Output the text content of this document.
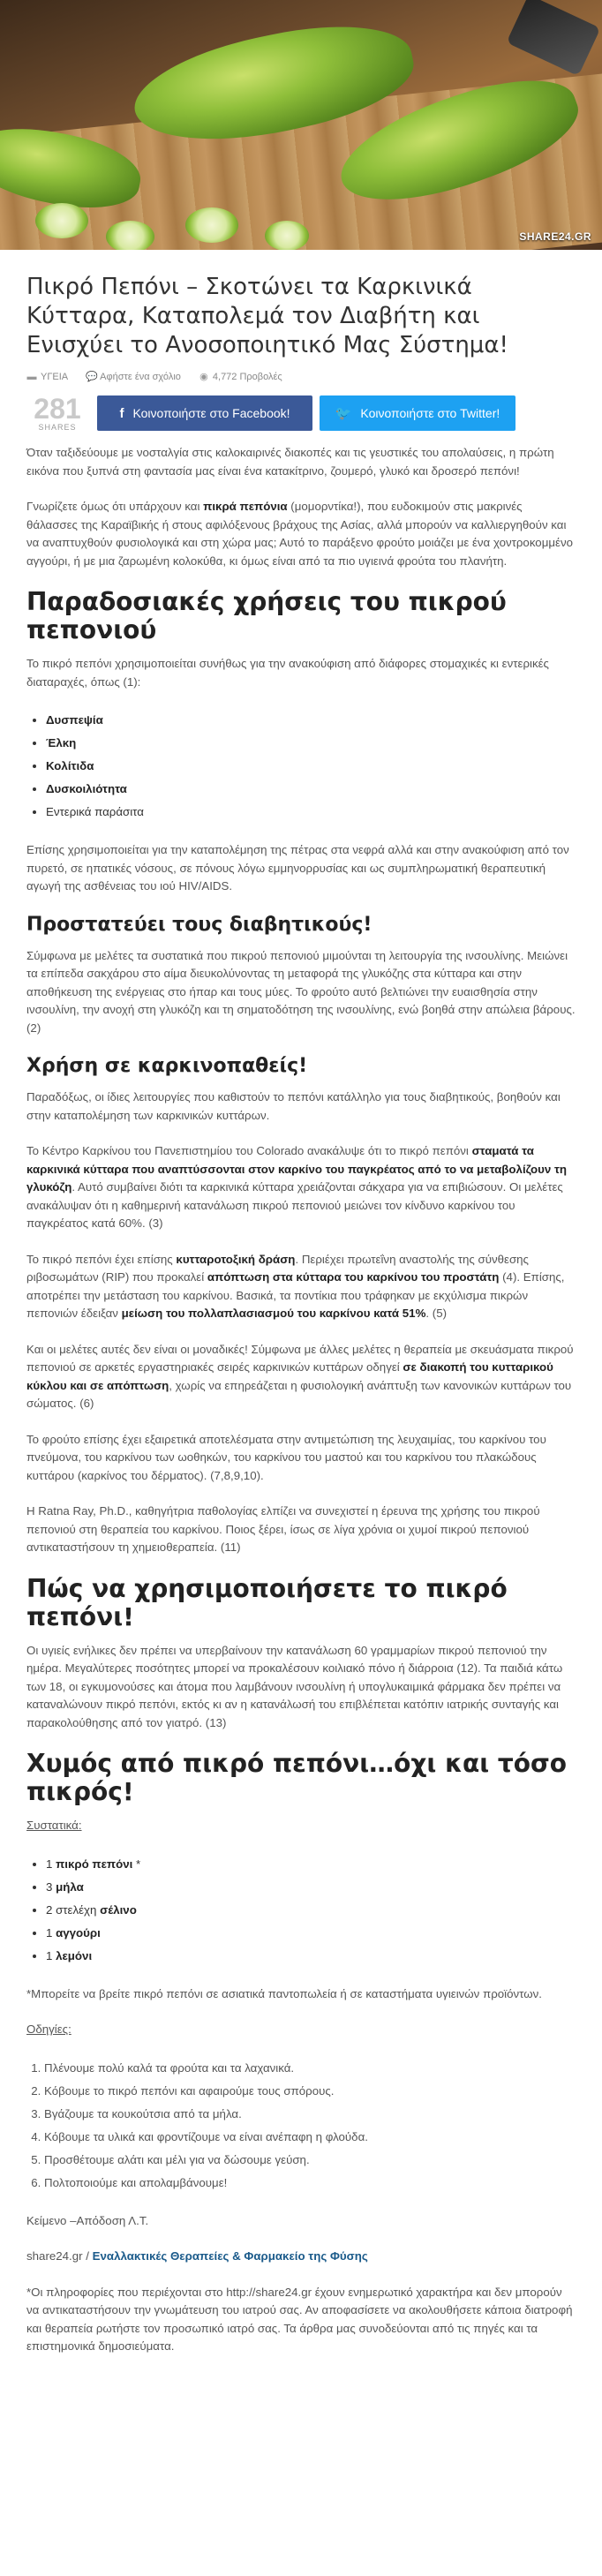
SHARE24.GR
Πικρό Πεπόνι – Σκοτώνει τα Καρκινικά Κύτταρα, Καταπολεμά τον Διαβήτη και Ενισχύει το Ανοσοποιητικό Μας Σύστημα!
▬ ΥΓΕΙΑ 💬 Αφήστε ένα σχόλιο ◉ 4,772 Προβολές
281
SHARES
f Κοινοποιήστε στο Facebook!	🐦 Κοινοποιήστε στο Twitter!

Όταν ταξιδεύουμε με νοσταλγία στις καλοκαιρινές διακοπές και τις γευστικές του απολαύσεις, η πρώτη εικόνα που ξυπνά στη φαντασία μας είναι ένα κατακίτρινο, ζουμερό, γλυκό και δροσερό πεπόνι!

Γνωρίζετε όμως ότι υπάρχουν και πικρά πεπόνια (μομορντίκα!), που ευδοκιμούν στις μακρινές θάλασσες της Καραϊβικής ή στους αφιλόξενους βράχους της Ασίας, αλλά μπορούν να καλλιεργηθούν και να αναπτυχθούν φυσιολογικά και στη χώρα μας; Αυτό το παράξενο φρούτο μοιάζει με ένα χοντροκομμένο αγγούρι, ή με μια ζαρωμένη κολοκύθα, κι όμως είναι από τα πιο υγιεινά φρούτα του πλανήτη.

Παραδοσιακές χρήσεις του πικρού πεπονιού

Το πικρό πεπόνι χρησιμοποιείται συνήθως για την ανακούφιση από διάφορες στομαχικές κι εντερικές διαταραχές, όπως (1):

• Δυσπεψία
• Έλκη
• Κολίτιδα
• Δυσκοιλιότητα
• Εντερικά παράσιτα

Επίσης χρησιμοποιείται για την καταπολέμηση της πέτρας στα νεφρά αλλά και στην ανακούφιση από τον πυρετό, σε ηπατικές νόσους, σε πόνους λόγω εμμηνορρυσίας και ως συμπληρωματική θεραπευτική αγωγή της ασθένειας του ιού HIV/AIDS.

Προστατεύει τους διαβητικούς!

Σύμφωνα με μελέτες τα συστατικά που πικρού πεπονιού μιμούνται τη λειτουργία της ινσουλίνης. Μειώνει τα επίπεδα σακχάρου στο αίμα διευκολύνοντας τη μεταφορά της γλυκόζης στα κύτταρα και στην αποθήκευση της ενέργειας στο ήπαρ και τους μύες. Το φρούτο αυτό βελτιώνει την ευαισθησία στην ινσουλίνη, την ανοχή στη γλυκόζη και τη σηματοδότηση της ινσουλίνης, ενώ βοηθά στην απώλεια βάρους. (2)

Χρήση σε καρκινοπαθείς!

Παραδόξως, οι ίδιες λειτουργίες που καθιστούν το πεπόνι κατάλληλο για τους διαβητικούς, βοηθούν και στην καταπολέμηση των καρκινικών κυττάρων.

Το Κέντρο Καρκίνου του Πανεπιστημίου του Colorado ανακάλυψε ότι το πικρό πεπόνι σταματά τα καρκινικά κύτταρα που αναπτύσσονται στον καρκίνο του παγκρέατος από το να μεταβολίζουν τη γλυκόζη. Αυτό συμβαίνει διότι τα καρκινικά κύτταρα χρειάζονται σάκχαρα για να επιβιώσουν. Οι μελέτες ανακάλυψαν ότι η καθημερινή κατανάλωση πικρού πεπονιού μειώνει τον κίνδυνο καρκίνου του παγκρέατος κατά 60%. (3)

Το πικρό πεπόνι έχει επίσης κυτταροτοξική δράση. Περιέχει πρωτεΐνη αναστολής της σύνθεσης ριβοσωμάτων (RIP) που προκαλεί απόπτωση στα κύτταρα του καρκίνου του προστάτη (4). Επίσης, αποτρέπει την μετάσταση του καρκίνου. Βασικά, τα ποντίκια που τράφηκαν με εκχύλισμα πικρών πεπονιών έδειξαν μείωση του πολλαπλασιασμού του καρκίνου κατά 51%. (5)

Και οι μελέτες αυτές δεν είναι οι μοναδικές! Σύμφωνα με άλλες μελέτες η θεραπεία με σκευάσματα πικρού πεπονιού σε αρκετές εργαστηριακές σειρές καρκινικών κυττάρων οδηγεί σε διακοπή του κυτταρικού κύκλου και σε απόπτωση, χωρίς να επηρεάζεται η φυσιολογική ανάπτυξη των κανονικών κυττάρων του σώματος. (6)

Το φρούτο επίσης έχει εξαιρετικά αποτελέσματα στην αντιμετώπιση της λευχαιμίας, του καρκίνου του πνεύμονα, του καρκίνου των ωοθηκών, του καρκίνου του μαστού και του καρκίνου του πλακώδους κυττάρου (καρκίνος του δέρματος). (7,8,9,10).

Η Ratna Ray, Ph.D., καθηγήτρια παθολογίας ελπίζει να συνεχιστεί η έρευνα της χρήσης του πικρού πεπονιού στη θεραπεία του καρκίνου. Ποιος ξέρει, ίσως σε λίγα χρόνια οι χυμοί πικρού πεπονιού αντικαταστήσουν τη χημειοθεραπεία. (11)

Πώς να χρησιμοποιήσετε το πικρό πεπόνι!

Οι υγιείς ενήλικες δεν πρέπει να υπερβαίνουν την κατανάλωση 60 γραμμαρίων πικρού πεπονιού την ημέρα. Μεγαλύτερες ποσότητες μπορεί να προκαλέσουν κοιλιακό πόνο ή διάρροια (12). Τα παιδιά κάτω των 18, οι εγκυμονούσες και άτομα που λαμβάνουν ινσουλίνη ή υπογλυκαιμικά φάρμακα δεν πρέπει να καταναλώνουν πικρό πεπόνι, εκτός κι αν η κατανάλωσή του επιβλέπεται κατόπιν ιατρικής συνταγής και παρακολούθησης από τον γιατρό. (13)

Χυμός από πικρό πεπόνι…όχι και τόσο πικρός!

Συστατικά:

• 1 πικρό πεπόνι *
• 3 μήλα
• 2 στελέχη σέλινο
• 1 αγγούρι
• 1 λεμόνι

*Μπορείτε να βρείτε πικρό πεπόνι σε ασιατικά παντοπωλεία ή σε καταστήματα υγιεινών προϊόντων.

Οδηγίες:

1. Πλένουμε πολύ καλά τα φρούτα και τα λαχανικά.
2. Κόβουμε το πικρό πεπόνι και αφαιρούμε τους σπόρους.
3. Βγάζουμε τα κουκούτσια από τα μήλα.
4. Κόβουμε τα υλικά και φροντίζουμε να είναι ανέπαφη η φλούδα.
5. Προσθέτουμε αλάτι και μέλι για να δώσουμε γεύση.
6. Πολτοποιούμε και απολαμβάνουμε!

Κείμενο –Απόδοση Λ.Τ.

share24.gr / Εναλλακτικές Θεραπείες & Φαρμακείο της Φύσης

*Οι πληροφορίες που περιέχονται στο http://share24.gr έχουν ενημερωτικό χαρακτήρα και δεν μπορούν να αντικαταστήσουν την γνωμάτευση του ιατρού σας. Αν αποφασίσετε να ακολουθήσετε κάποια διατροφή και θεραπεία ρωτήστε τον προσωπικό ιατρό σας. Τα άρθρα μας συνοδεύονται από τις πηγές και τα επιστημονικά δημοσιεύματα.
